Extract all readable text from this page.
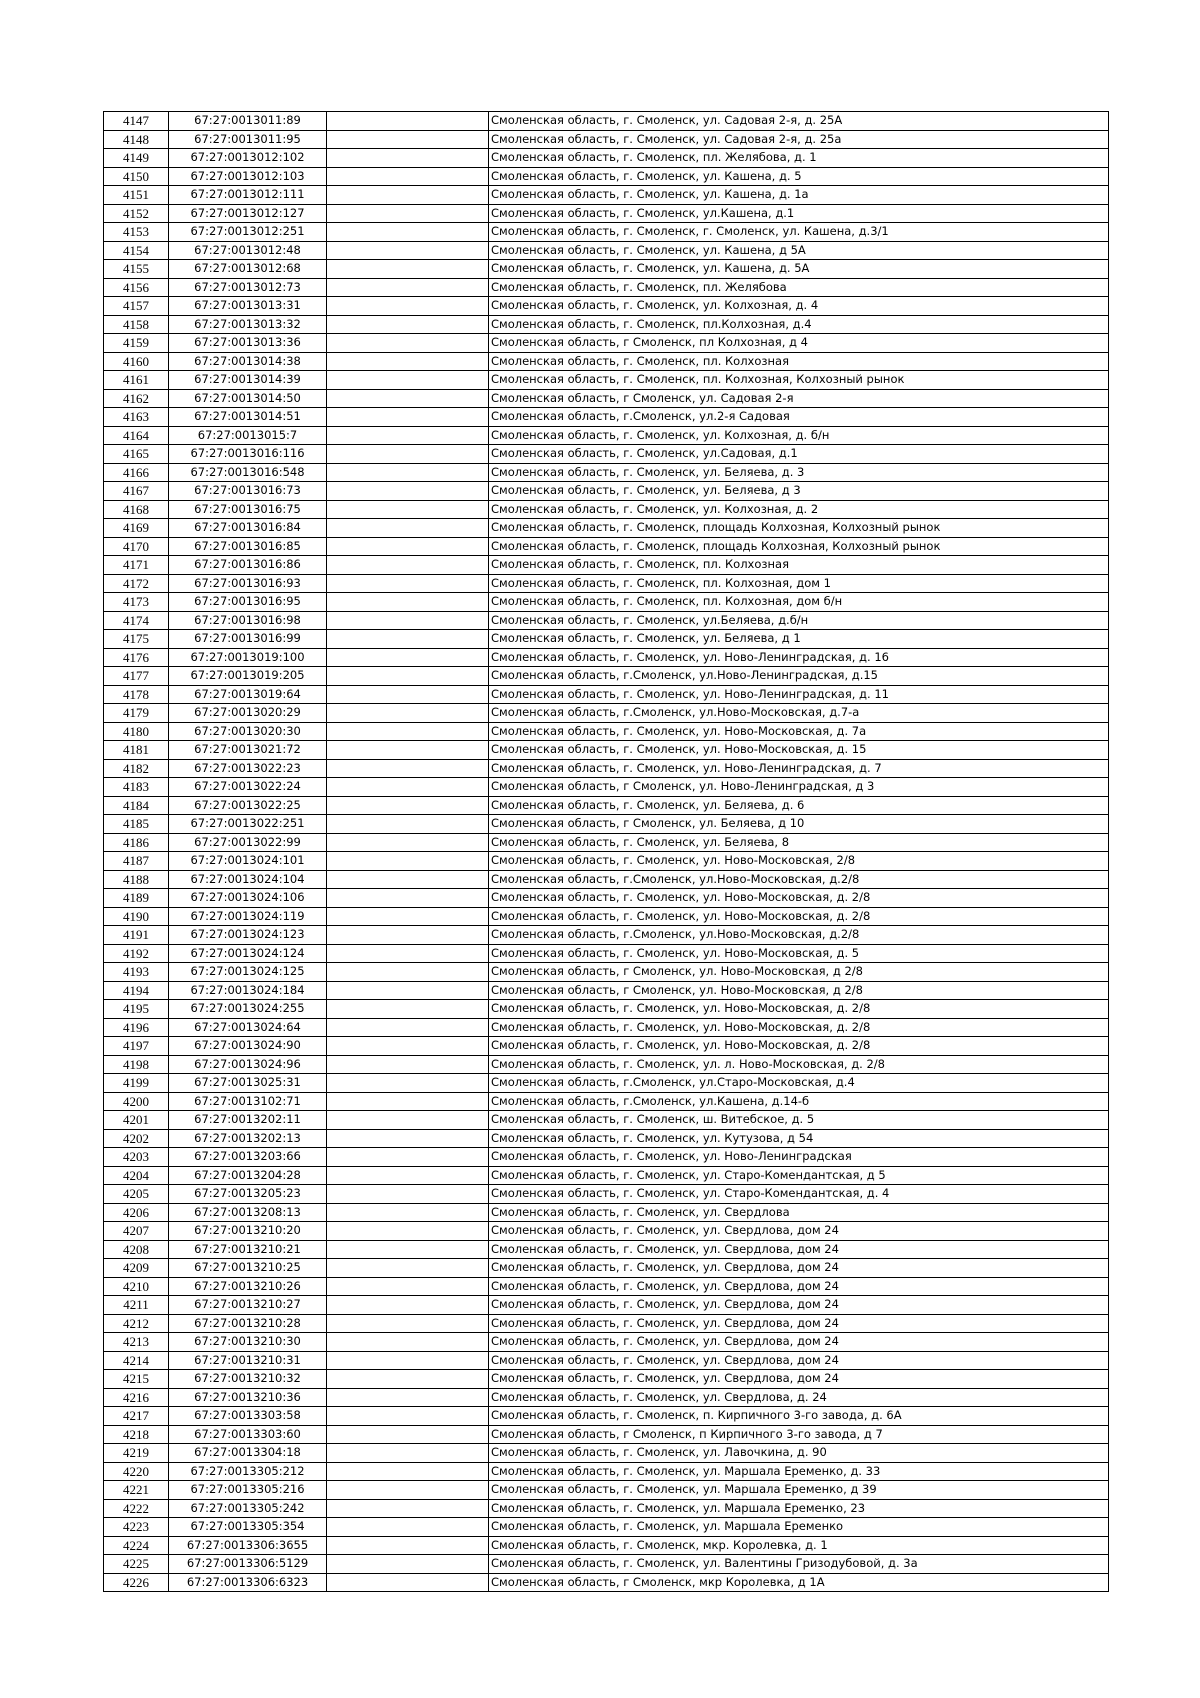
4147	67:27:0013011:89		Смоленская область, г. Смоленск, ул. Садовая 2-я, д. 25А
4148	67:27:0013011:95		Смоленская область, г. Смоленск, ул. Садовая 2-я, д. 25а
4149	67:27:0013012:102		Смоленская область, г. Смоленск, пл. Желябова, д. 1
4150	67:27:0013012:103		Смоленская область, г. Смоленск, ул. Кашена, д. 5
4151	67:27:0013012:111		Смоленская область, г. Смоленск, ул. Кашена, д. 1а
4152	67:27:0013012:127		Смоленская область, г. Смоленск, ул.Кашена, д.1
4153	67:27:0013012:251		Смоленская область, г. Смоленск, г. Смоленск, ул. Кашена, д.3/1
4154	67:27:0013012:48		Смоленская область, г. Смоленск, ул. Кашена, д 5А
4155	67:27:0013012:68		Смоленская область, г. Смоленск, ул. Кашена, д. 5А
4156	67:27:0013012:73		Смоленская область, г. Смоленск, пл. Желябова
4157	67:27:0013013:31		Смоленская область, г. Смоленск, ул. Колхозная, д. 4
4158	67:27:0013013:32		Смоленская область, г. Смоленск, пл.Колхозная, д.4
4159	67:27:0013013:36		Смоленская область, г Смоленск, пл Колхозная, д 4
4160	67:27:0013014:38		Смоленская область, г. Смоленск, пл. Колхозная
4161	67:27:0013014:39		Смоленская область, г. Смоленск, пл. Колхозная, Колхозный рынок
4162	67:27:0013014:50		Смоленская область, г Смоленск, ул. Садовая 2-я
4163	67:27:0013014:51		Смоленская область, г.Смоленск, ул.2-я Садовая
4164	67:27:0013015:7		Смоленская область, г. Смоленск, ул. Колхозная, д. б/н
4165	67:27:0013016:116		Смоленская область, г. Смоленск, ул.Садовая, д.1
4166	67:27:0013016:548		Смоленская область, г. Смоленск, ул. Беляева, д. 3
4167	67:27:0013016:73		Смоленская область, г. Смоленск, ул. Беляева, д 3
4168	67:27:0013016:75		Смоленская область, г. Смоленск, ул. Колхозная, д. 2
4169	67:27:0013016:84		Смоленская область, г. Смоленск, площадь Колхозная, Колхозный рынок
4170	67:27:0013016:85		Смоленская область, г. Смоленск, площадь Колхозная, Колхозный рынок
4171	67:27:0013016:86		Смоленская область, г. Смоленск, пл. Колхозная
4172	67:27:0013016:93		Смоленская область, г. Смоленск, пл. Колхозная, дом 1
4173	67:27:0013016:95		Смоленская область, г. Смоленск, пл. Колхозная, дом б/н
4174	67:27:0013016:98		Смоленская область, г. Смоленск, ул.Беляева, д.б/н
4175	67:27:0013016:99		Смоленская область, г. Смоленск, ул. Беляева, д 1
4176	67:27:0013019:100		Смоленская область, г. Смоленск, ул. Ново-Ленинградская, д. 16
4177	67:27:0013019:205		Смоленская область, г.Смоленск, ул.Ново-Ленинградская, д.15
4178	67:27:0013019:64		Смоленская область, г. Смоленск, ул. Ново-Ленинградская, д. 11
4179	67:27:0013020:29		Смоленская область, г.Смоленск, ул.Ново-Московская, д.7-а
4180	67:27:0013020:30		Смоленская область, г. Смоленск, ул. Ново-Московская, д. 7а
4181	67:27:0013021:72		Смоленская область, г. Смоленск, ул. Ново-Московская, д. 15
4182	67:27:0013022:23		Смоленская область, г. Смоленск, ул. Ново-Ленинградская, д. 7
4183	67:27:0013022:24		Смоленская область, г Смоленск, ул. Ново-Ленинградская, д 3
4184	67:27:0013022:25		Смоленская область, г. Смоленск, ул. Беляева, д. 6
4185	67:27:0013022:251		Смоленская область, г Смоленск, ул. Беляева, д 10
4186	67:27:0013022:99		Смоленская область, г. Смоленск, ул. Беляева, 8
4187	67:27:0013024:101		Смоленская область, г. Смоленск, ул. Ново-Московская, 2/8
4188	67:27:0013024:104		Смоленская область, г.Смоленск, ул.Ново-Московская, д.2/8
4189	67:27:0013024:106		Смоленская область, г. Смоленск, ул. Ново-Московская, д. 2/8
4190	67:27:0013024:119		Смоленская область, г. Смоленск, ул. Ново-Московская, д. 2/8
4191	67:27:0013024:123		Смоленская область, г.Смоленск, ул.Ново-Московская, д.2/8
4192	67:27:0013024:124		Смоленская область, г. Смоленск, ул. Ново-Московская, д. 5
4193	67:27:0013024:125		Смоленская область, г Смоленск, ул. Ново-Московская, д 2/8
4194	67:27:0013024:184		Смоленская область, г Смоленск, ул. Ново-Московская, д 2/8
4195	67:27:0013024:255		Смоленская область, г. Смоленск, ул. Ново-Московская, д. 2/8
4196	67:27:0013024:64		Смоленская область, г. Смоленск, ул. Ново-Московская, д. 2/8
4197	67:27:0013024:90		Смоленская область, г. Смоленск, ул. Ново-Московская, д. 2/8
4198	67:27:0013024:96		Смоленская область, г. Смоленск, ул. л. Ново-Московская, д. 2/8
4199	67:27:0013025:31		Смоленская область, г.Смоленск, ул.Старо-Московская, д.4
4200	67:27:0013102:71		Смоленская область, г.Смоленск, ул.Кашена, д.14-б
4201	67:27:0013202:11		Смоленская область, г. Смоленск, ш. Витебское, д. 5
4202	67:27:0013202:13		Смоленская область, г. Смоленск, ул. Кутузова, д 54
4203	67:27:0013203:66		Смоленская область, г. Смоленск, ул. Ново-Ленинградская
4204	67:27:0013204:28		Смоленская область, г. Смоленск, ул. Старо-Комендантская, д 5
4205	67:27:0013205:23		Смоленская область, г. Смоленск, ул. Старо-Комендантская, д. 4
4206	67:27:0013208:13		Смоленская область, г. Смоленск, ул. Свердлова
4207	67:27:0013210:20		Смоленская область, г. Смоленск, ул. Свердлова, дом 24
4208	67:27:0013210:21		Смоленская область, г. Смоленск, ул. Свердлова, дом 24
4209	67:27:0013210:25		Смоленская область, г. Смоленск, ул. Свердлова, дом 24
4210	67:27:0013210:26		Смоленская область, г. Смоленск, ул. Свердлова, дом 24
4211	67:27:0013210:27		Смоленская область, г. Смоленск, ул. Свердлова, дом 24
4212	67:27:0013210:28		Смоленская область, г. Смоленск, ул. Свердлова, дом 24
4213	67:27:0013210:30		Смоленская область, г. Смоленск, ул. Свердлова, дом 24
4214	67:27:0013210:31		Смоленская область, г. Смоленск, ул. Свердлова, дом 24
4215	67:27:0013210:32		Смоленская область, г. Смоленск, ул. Свердлова, дом 24
4216	67:27:0013210:36		Смоленская область, г. Смоленск, ул. Свердлова, д. 24
4217	67:27:0013303:58		Смоленская область, г. Смоленск, п. Кирпичного 3-го завода, д. 6А
4218	67:27:0013303:60		Смоленская область, г Смоленск, п Кирпичного 3-го завода, д 7
4219	67:27:0013304:18		Смоленская область, г. Смоленск, ул. Лавочкина, д. 90
4220	67:27:0013305:212		Смоленская область, г. Смоленск, ул. Маршала Еременко, д. 33
4221	67:27:0013305:216		Смоленская область, г. Смоленск, ул. Маршала Еременко, д 39
4222	67:27:0013305:242		Смоленская область, г. Смоленск, ул. Маршала Еременко, 23
4223	67:27:0013305:354		Смоленская область, г. Смоленск, ул. Маршала Еременко
4224	67:27:0013306:3655		Смоленская область, г. Смоленск, мкр. Королевка, д. 1
4225	67:27:0013306:5129		Смоленская область, г. Смоленск, ул. Валентины Гризодубовой, д. 3а
4226	67:27:0013306:6323		Смоленская область, г Смоленск, мкр Королевка, д 1А
